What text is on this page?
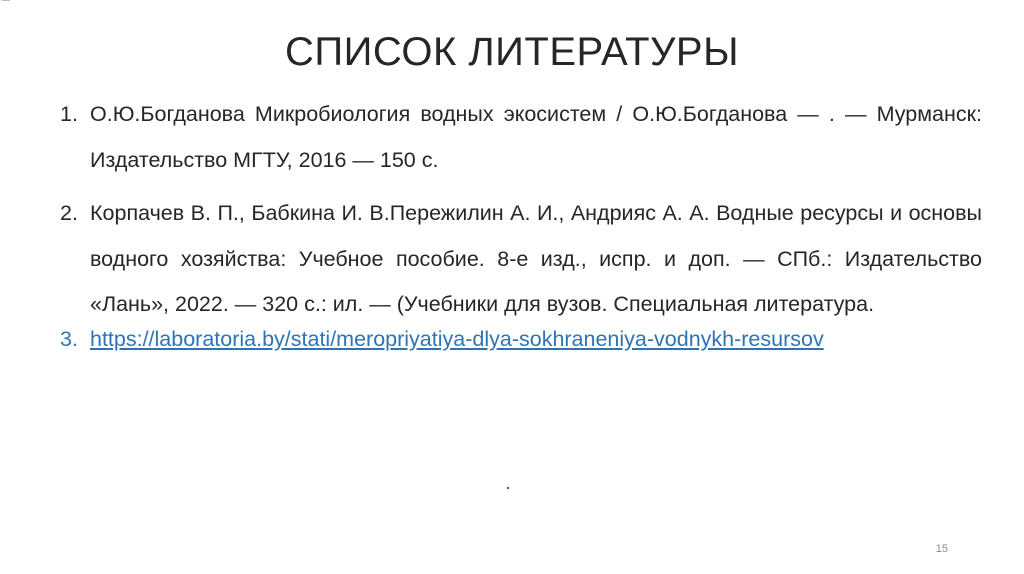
СПИСОК ЛИТЕРАТУРЫ
1. О.Ю.Богданова Микробиология водных экосистем / О.Ю.Богданова — . — Мурманск: Издательство МГТУ, 2016 — 150 с.
2. Корпачев В. П., Бабкина И. В.Пережилин А. И., Андрияс А. А. Водные ресурсы и основы водного хозяйства: Учебное пособие. 8-е изд., испр. и доп. — СПб.: Издательство «Лань», 2022. — 320 с.: ил. — (Учебники для вузов. Специальная литература.
3. https://laboratoria.by/stati/meropriyatiya-dlya-sokhraneniya-vodnykh-resursov
15
